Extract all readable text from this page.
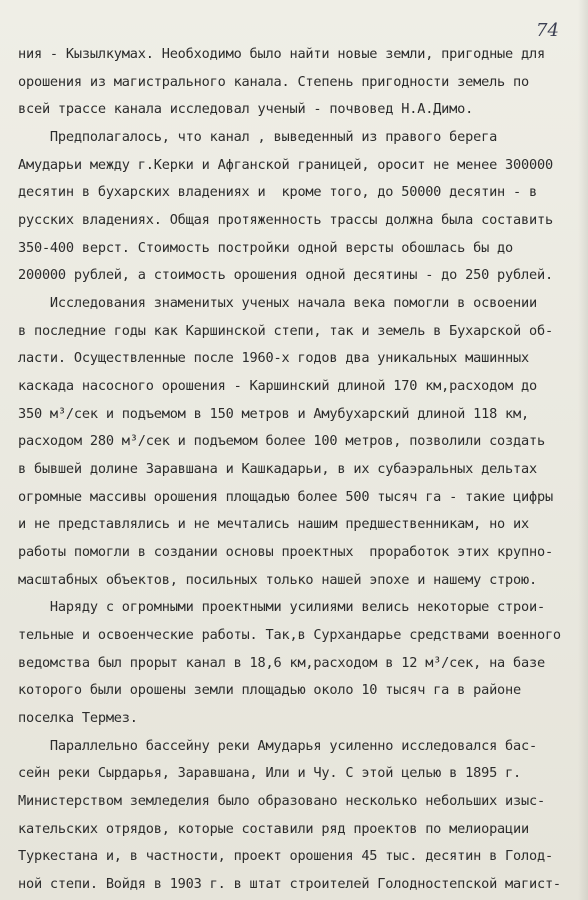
74
ния - Кызылкумах. Необходимо было найти новые земли, пригодные для
орошения из магистрального канала. Степень пригодности земель по
всей трассе канала исследовал ученый - почвовед Н.А.Димо.
Предполагалось, что канал , выведенный из правого берега
Амударьи между г.Керки и Афганской границей, оросит не менее 300000
десятин в бухарских владениях и  кроме того, до 50000 десятин - в
русских владениях. Общая протяженность трассы должна была составить
350-400 верст. Стоимость постройки одной версты обошлась бы до
200000 рублей, а стоимость орошения одной десятины - до 250 рублей.
Исследования знаменитых ученых начала века помогли в освоении
в последние годы как Каршинской степи, так и земель в Бухарской об-
ласти. Осуществленные после 1960-х годов два уникальных машинных
каскада насосного орошения - Каршинский длиной 170 км,расходом до
350 м³/сек и подъемом в 150 метров и Амубухарский длиной 118 км,
расходом 280 м³/сек и подъемом более 100 метров, позволили создать
в бывшей долине Заравшана и Кашкадарьи, в их субаэральных дельтах
огромные массивы орошения площадью более 500 тысяч га - такие цифры
и не представлялись и не мечтались нашим предшественникам, но их
работы помогли в создании основы проектных  проработок этих крупно-
масштабных объектов, посильных только нашей эпохе и нашему строю.
Наряду с огромными проектными усилиями велись некоторые строи-
тельные и освоенческие работы. Так,в Сурхандарье средствами военного
ведомства был прорыт канал в 18,6 км,расходом в 12 м³/сек, на базе
которого были орошены земли площадью около 10 тысяч га в районе
поселка Термез.
Параллельно бассейну реки Амударья усиленно исследовался бас-
сейн реки Сырдарья, Заравшана, Или и Чу. С этой целью в 1895 г.
Министерством земледелия было образовано несколько небольших изыс-
кательских отрядов, которые составили ряд проектов по мелиорации
Туркестана и, в частности, проект орошения 45 тыс. десятин в Голод-
ной степи. Войдя в 1903 г. в штат строителей Голодностепской магист-
